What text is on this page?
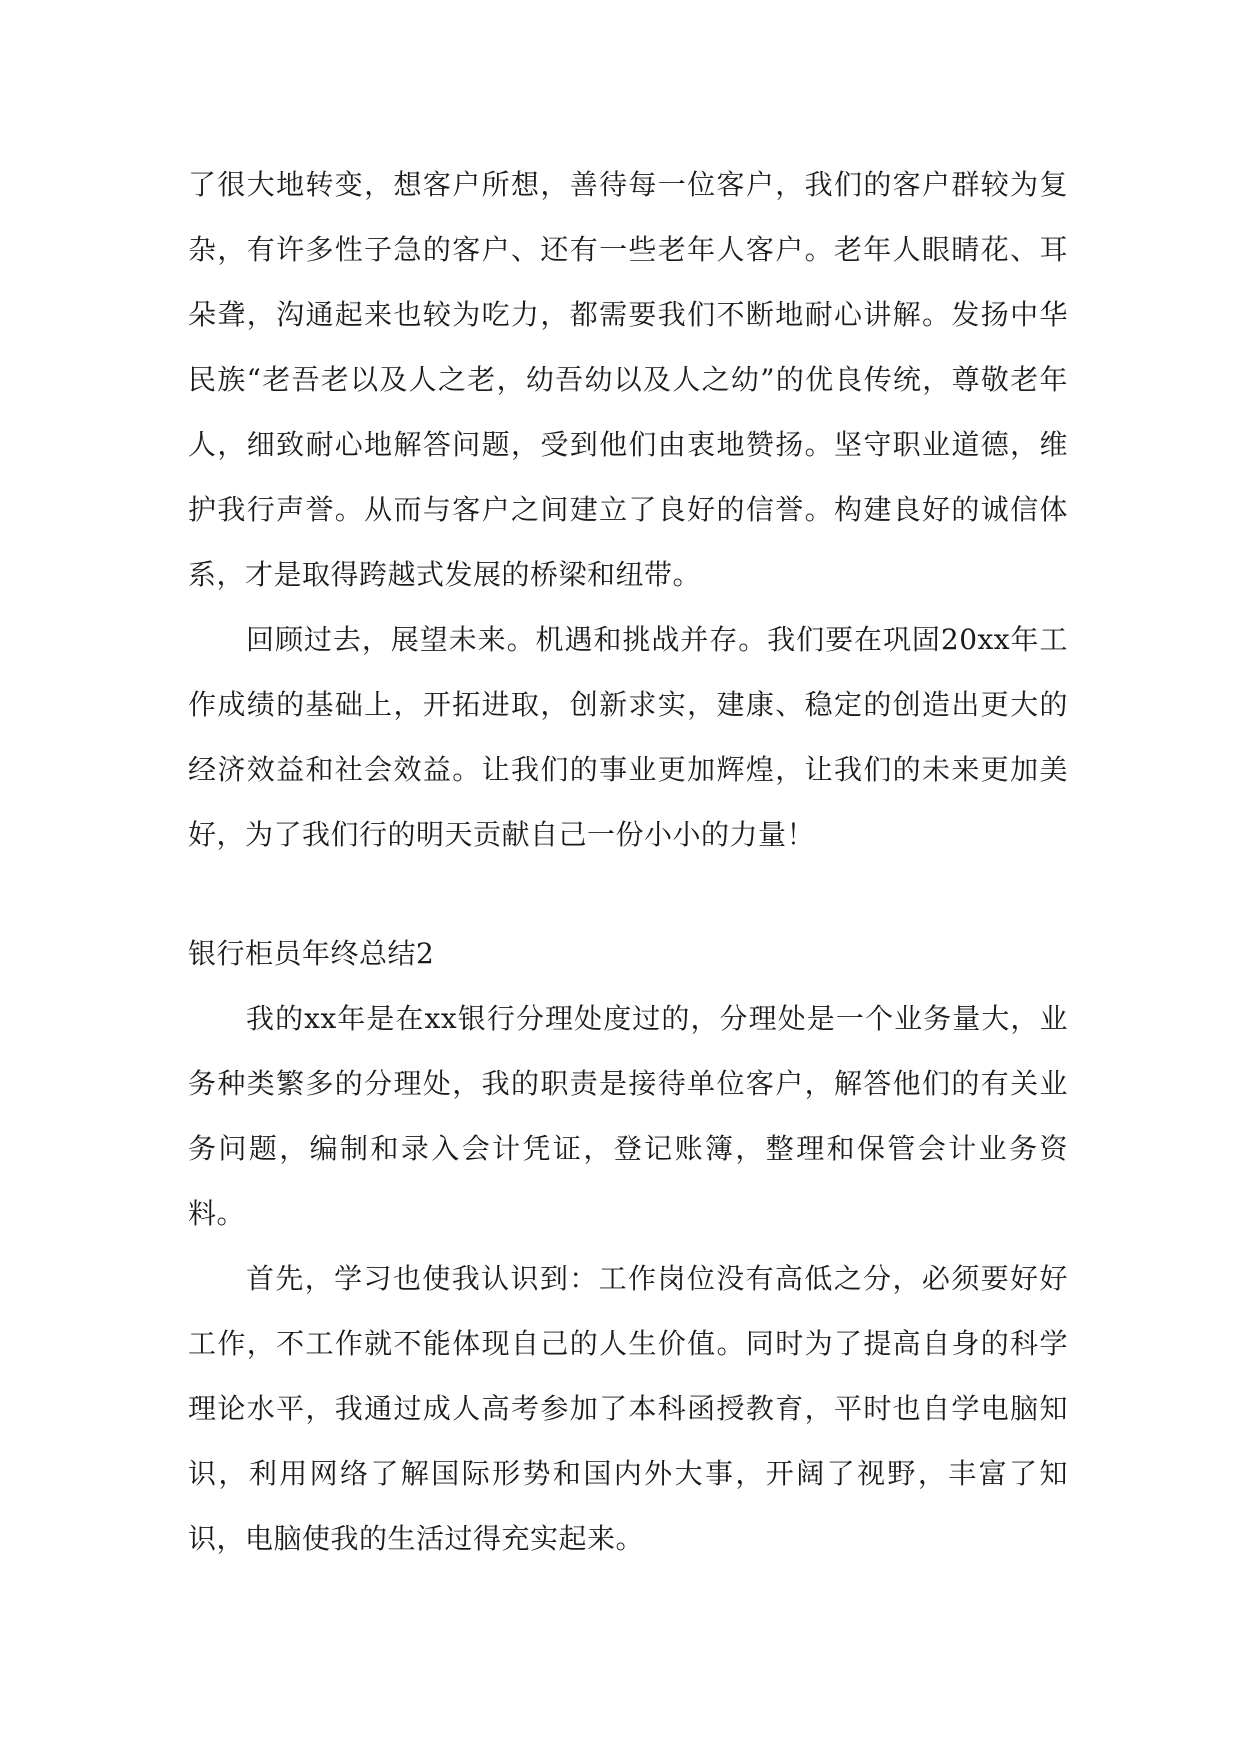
了很大地转变，想客户所想，善待每一位客户，我们的客户群较为复杂，有许多性子急的客户、还有一些老年人客户。老年人眼睛花、耳朵聋，沟通起来也较为吃力，都需要我们不断地耐心讲解。发扬中华民族“老吾老以及人之老，幼吾幼以及人之幼”的优良传统，尊敬老年人，细致耐心地解答问题，受到他们由衷地赞扬。坚守职业道德，维护我行声誉。从而与客户之间建立了良好的信誉。构建良好的诚信体系，才是取得跨越式发展的桥梁和纽带。

回顾过去，展望未来。机遇和挑战并存。我们要在巩固20xx年工作成绩的基础上，开拓进取，创新求实，建康、稳定的创造出更大的经济效益和社会效益。让我们的事业更加辉煌，让我们的未来更加美好，为了我们行的明天贡献自己一份小小的力量！

银行柜员年终总结2

我的xx年是在xx银行分理处度过的，分理处是一个业务量大，业务种类繁多的分理处，我的职责是接待单位客户，解答他们的有关业务问题，编制和录入会计凭证，登记账簿，整理和保管会计业务资料。

首先，学习也使我认识到：工作岗位没有高低之分，必须要好好工作，不工作就不能体现自己的人生价值。同时为了提高自身的科学理论水平，我通过成人高考参加了本科函授教育，平时也自学电脑知识，利用网络了解国际形势和国内外大事，开阔了视野，丰富了知识，电脑使我的生活过得充实起来。
